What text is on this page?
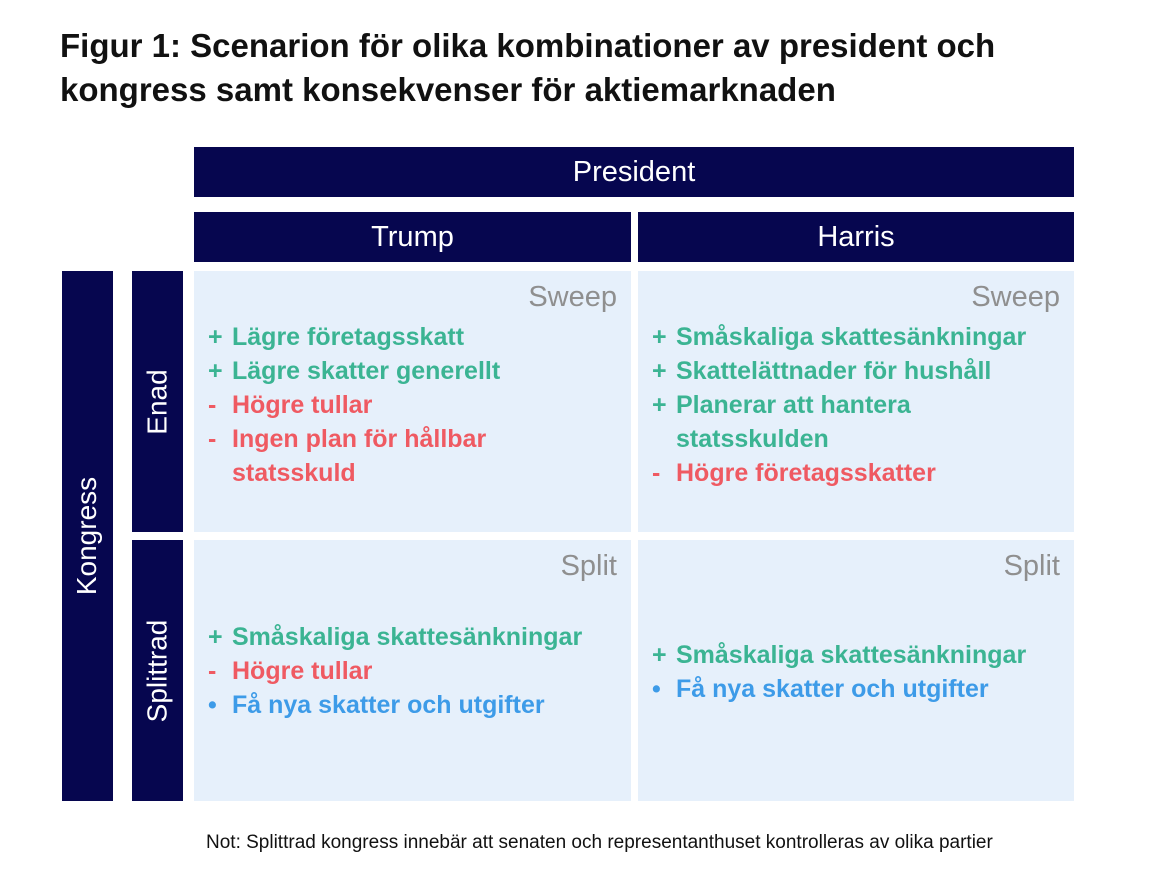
Figur 1: Scenarion för olika kombinationer av president och kongress samt konsekvenser för aktiemarknaden
President
Trump	Harris
Kongress
Enad
Splittrad
Sweep
+ Lägre företagsskatt
+ Lägre skatter generellt
- Högre tullar
- Ingen plan för hållbar statsskuld
Sweep
+ Småskaliga skattesänkningar
+ Skattelättnader för hushåll
+ Planerar att hantera statsskulden
- Högre företagsskatter
Split
+ Småskaliga skattesänkningar
- Högre tullar
• Få nya skatter och utgifter
Split
+ Småskaliga skattesänkningar
• Få nya skatter och utgifter
Not: Splittrad kongress innebär att senaten och representanthuset kontrolleras av olika partier
